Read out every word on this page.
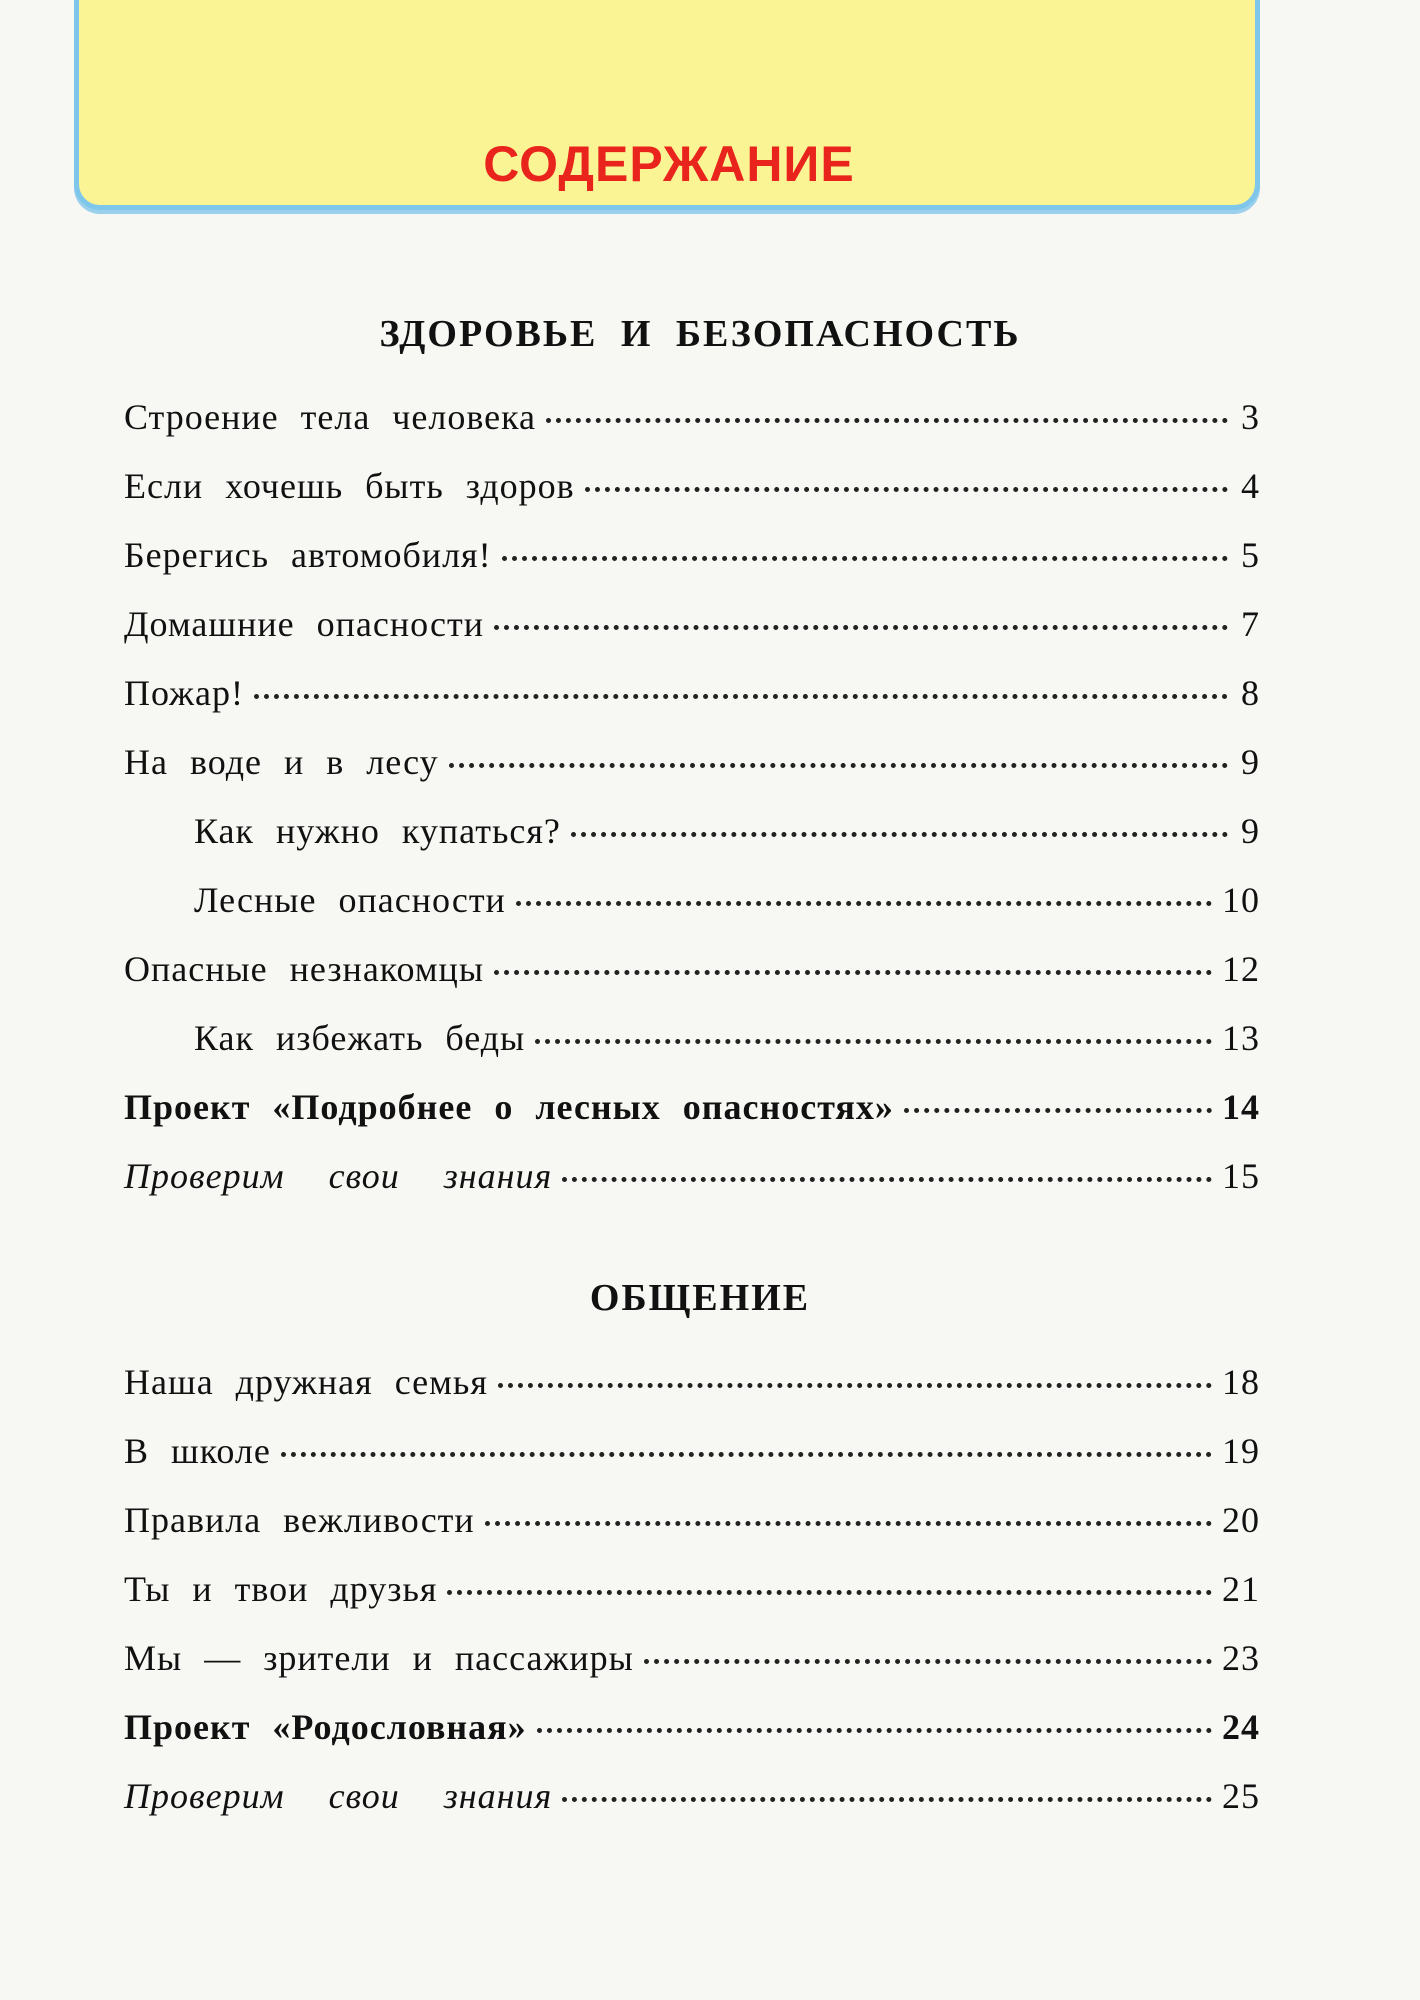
СОДЕРЖАНИЕ
ЗДОРОВЬЕ И БЕЗОПАСНОСТЬ
Строение тела человека	3
Если хочешь быть здоров	4
Берегись автомобиля!	5
Домашние опасности	7
Пожар!	8
На воде и в лесу	9
Как нужно купаться?	9
Лесные опасности	10
Опасные незнакомцы	12
Как избежать беды	13
Проект «Подробнее о лесных опасностях»	14
Проверим свои знания	15
ОБЩЕНИЕ
Наша дружная семья	18
В школе	19
Правила вежливости	20
Ты и твои друзья	21
Мы — зрители и пассажиры	23
Проект «Родословная»	24
Проверим свои знания	25
